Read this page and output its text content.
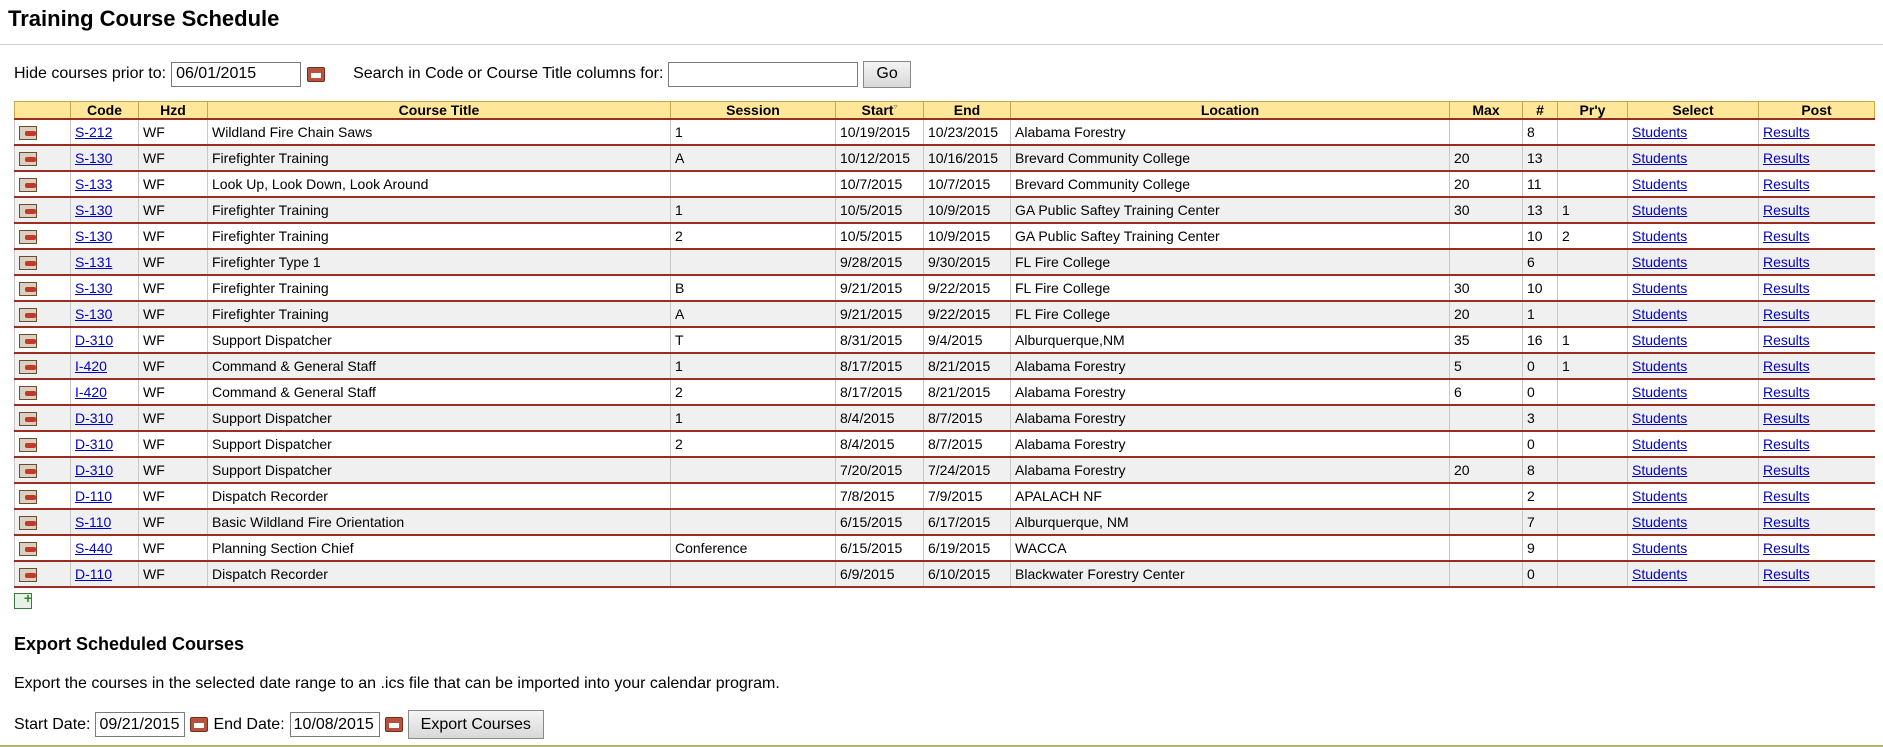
Training Course Schedule
Hide courses prior to:
06/01/2015	Search in Code or Course Title columns for:	Go
	Code	Hzd	Course Title	Session	Start▿	End	Location	Max	#	Pr'y	Select	Post
	S-212	WF	Wildland Fire Chain Saws	1	10/19/2015	10/23/2015	Alabama Forestry		8		Students	Results
	S-130	WF	Firefighter Training	A	10/12/2015	10/16/2015	Brevard Community College	20	13		Students	Results
	S-133	WF	Look Up, Look Down, Look Around		10/7/2015	10/7/2015	Brevard Community College	20	11		Students	Results
	S-130	WF	Firefighter Training	1	10/5/2015	10/9/2015	GA Public Saftey Training Center	30	13	1	Students	Results
	S-130	WF	Firefighter Training	2	10/5/2015	10/9/2015	GA Public Saftey Training Center		10	2	Students	Results
	S-131	WF	Firefighter Type 1		9/28/2015	9/30/2015	FL Fire College		6		Students	Results
	S-130	WF	Firefighter Training	B	9/21/2015	9/22/2015	FL Fire College	30	10		Students	Results
	S-130	WF	Firefighter Training	A	9/21/2015	9/22/2015	FL Fire College	20	1		Students	Results
	D-310	WF	Support Dispatcher	T	8/31/2015	9/4/2015	Alburquerque,NM	35	16	1	Students	Results
	I-420	WF	Command & General Staff	1	8/17/2015	8/21/2015	Alabama Forestry	5	0	1	Students	Results
	I-420	WF	Command & General Staff	2	8/17/2015	8/21/2015	Alabama Forestry	6	0		Students	Results
	D-310	WF	Support Dispatcher	1	8/4/2015	8/7/2015	Alabama Forestry		3		Students	Results
	D-310	WF	Support Dispatcher	2	8/4/2015	8/7/2015	Alabama Forestry		0		Students	Results
	D-310	WF	Support Dispatcher		7/20/2015	7/24/2015	Alabama Forestry	20	8		Students	Results
	D-110	WF	Dispatch Recorder		7/8/2015	7/9/2015	APALACH NF		2		Students	Results
	S-110	WF	Basic Wildland Fire Orientation		6/15/2015	6/17/2015	Alburquerque, NM		7		Students	Results
	S-440	WF	Planning Section Chief	Conference	6/15/2015	6/19/2015	WACCA		9		Students	Results
	D-110	WF	Dispatch Recorder		6/9/2015	6/10/2015	Blackwater Forestry Center		0		Students	Results
+
Export Scheduled Courses

Export the courses in the selected date range to an .ics file that can be imported into your calendar program.

Start Date:
09/21/2015	End Date:
10/08/2015	Export Courses
